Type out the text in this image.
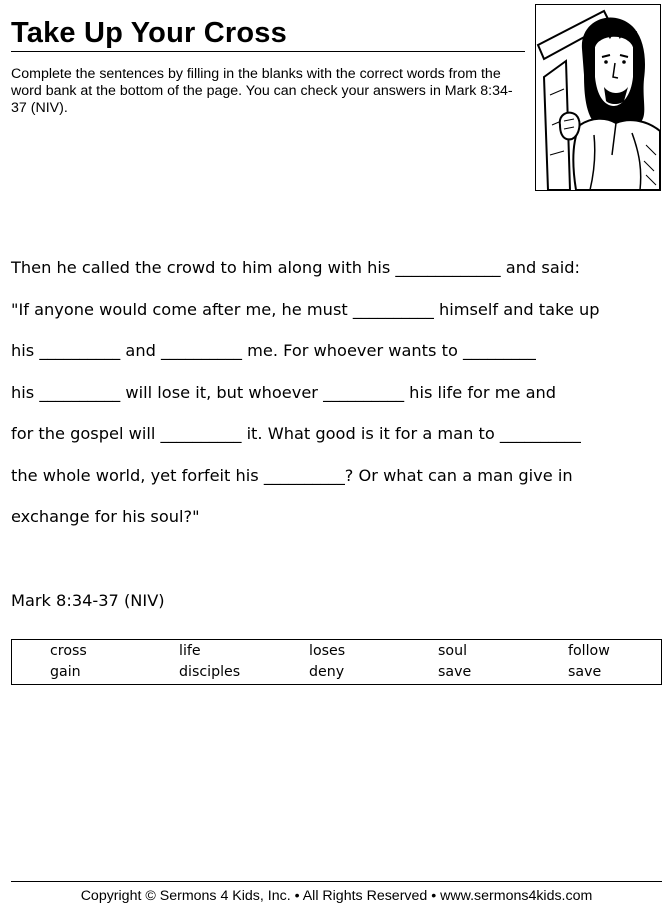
Take Up Your Cross
Complete the sentences by filling in the blanks with the correct words from the word bank at the bottom of the page. You can check your answers in Mark 8:34-37 (NIV).
Then he called the crowd to him along with his _____________ and said:
"If anyone would come after me, he must __________ himself and take up
his __________ and __________ me. For whoever wants to _________
his __________ will lose it, but whoever __________ his life for me and
for the gospel will __________ it. What good is it for a man to __________
the whole world, yet forfeit his __________? Or what can a man give in
exchange for his soul?"
Mark 8:34-37 (NIV)
cross	life	loses	soul	follow
gain	disciples	deny	save	save
Copyright © Sermons 4 Kids, Inc. • All Rights Reserved • www.sermons4kids.com
